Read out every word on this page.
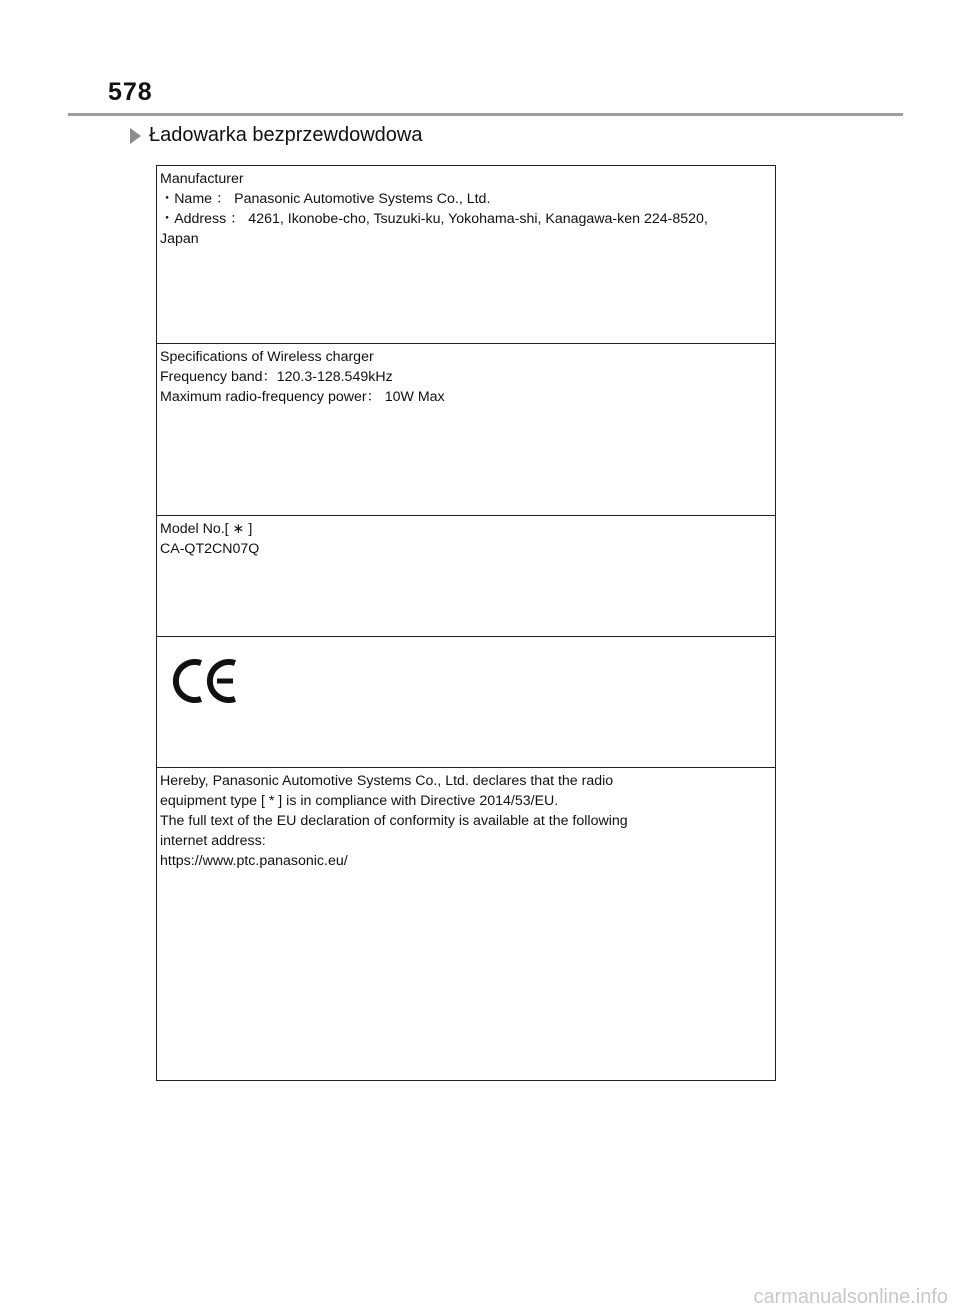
578
Ładowarka bezprzewdowdowa
Manufacturer
・Name ： Panasonic Automotive Systems Co., Ltd.
・Address ： 4261, Ikonobe-cho, Tsuzuki-ku, Yokohama-shi, Kanagawa-ken 224-8520,
Japan
Specifications of Wireless charger
Frequency band：120.3-128.549kHz
Maximum radio-frequency power： 10W Max
Model No.[ ∗ ]
CA-QT2CN07Q
Hereby, Panasonic Automotive Systems Co., Ltd. declares that the radio
equipment type [ * ] is in compliance with Directive 2014/53/EU.
The full text of the EU declaration of conformity is available at the following
internet address:
https://www.ptc.panasonic.eu/
carmanualsonline.info
